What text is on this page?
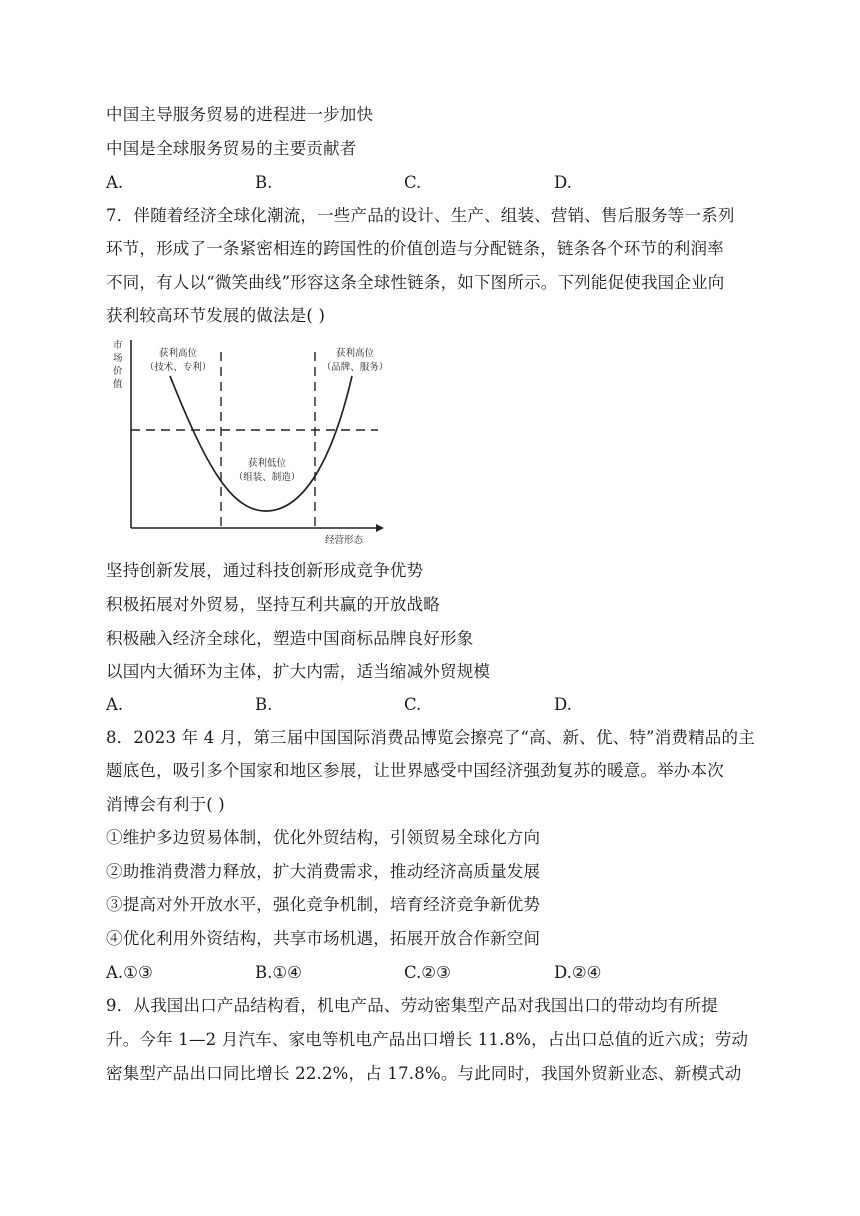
中国主导服务贸易的进程进一步加快
中国是全球服务贸易的主要贡献者
A.	B.	C.	D.
7．伴随着经济全球化潮流，一些产品的设计、生产、组装、营销、售后服务等一系列
环节，形成了一条紧密相连的跨国性的价值创造与分配链条，链条各个环节的利润率
不同，有人以“微笑曲线”形容这条全球性链条，如下图所示。下列能促使我国企业向
获利较高环节发展的做法是( )
市
场
价
值
获利高位
（技术、专利）
获利高位
（品牌、服务）
获利低位
（组装、制造）
经营形态
坚持创新发展，通过科技创新形成竞争优势
积极拓展对外贸易，坚持互利共赢的开放战略
积极融入经济全球化，塑造中国商标品牌良好形象
以国内大循环为主体，扩大内需，适当缩减外贸规模
A.	B.	C.	D.
8．2023 年 4 月，第三届中国国际消费品博览会擦亮了“高、新、优、特”消费精品的主
题底色，吸引多个国家和地区参展，让世界感受中国经济强劲复苏的暖意。举办本次
消博会有利于( )
①维护多边贸易体制，优化外贸结构，引领贸易全球化方向
②助推消费潜力释放，扩大消费需求，推动经济高质量发展
③提高对外开放水平，强化竞争机制，培育经济竞争新优势
④优化利用外资结构，共享市场机遇，拓展开放合作新空间
A.①③	B.①④	C.②③	D.②④
9．从我国出口产品结构看，机电产品、劳动密集型产品对我国出口的带动均有所提
升。今年 1—2 月汽车、家电等机电产品出口增长 11.8%，占出口总值的近六成；劳动
密集型产品出口同比增长 22.2%，占 17.8%。与此同时，我国外贸新业态、新模式动
